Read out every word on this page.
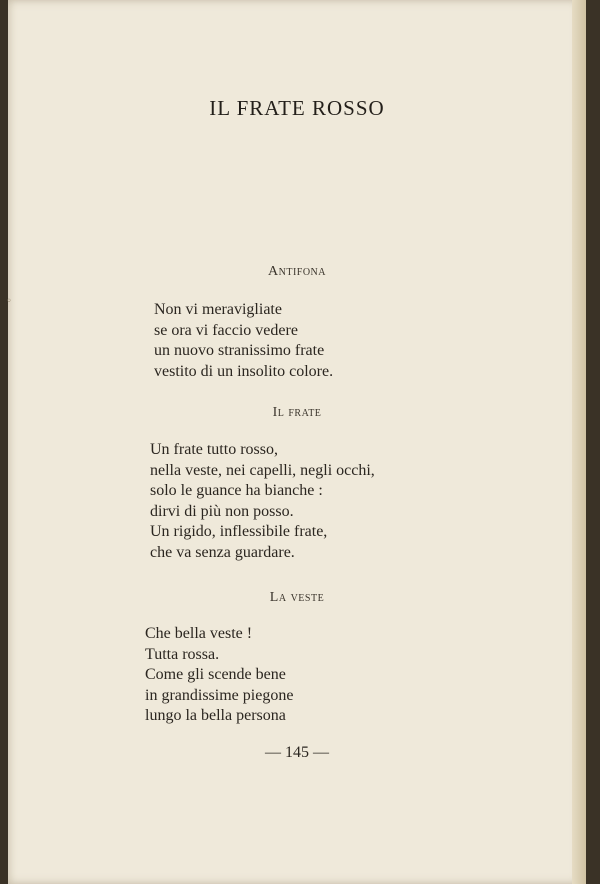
◦
IL FRATE ROSSO
Antifona
Non vi meravigliate
se ora vi faccio vedere
un nuovo stranissimo frate
vestito di un insolito colore.
Il frate
Un frate tutto rosso,
nella veste, nei capelli, negli occhi,
solo le guance ha bianche :
dirvi di più non posso.
Un rigido, inflessibile frate,
che va senza guardare.
La veste
Che bella veste !
Tutta rossa.
Come gli scende bene
in grandissime piegone
lungo la bella persona
— 145 —
